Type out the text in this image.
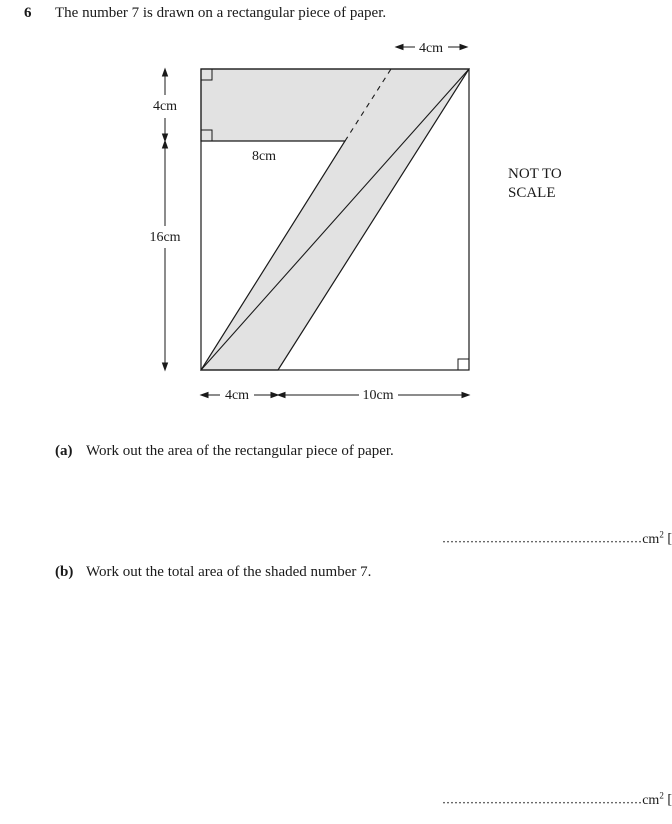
6 The number 7 is drawn on a rectangular piece of paper.
4cm
4cm
16cm
8cm
4cm	10cm
NOT TO
SCALE
(a) Work out the area of the rectangular piece of paper.
$..................................................cm^2$ [
(b) Work out the total area of the shaded number 7.
$..................................................cm^2$ [
